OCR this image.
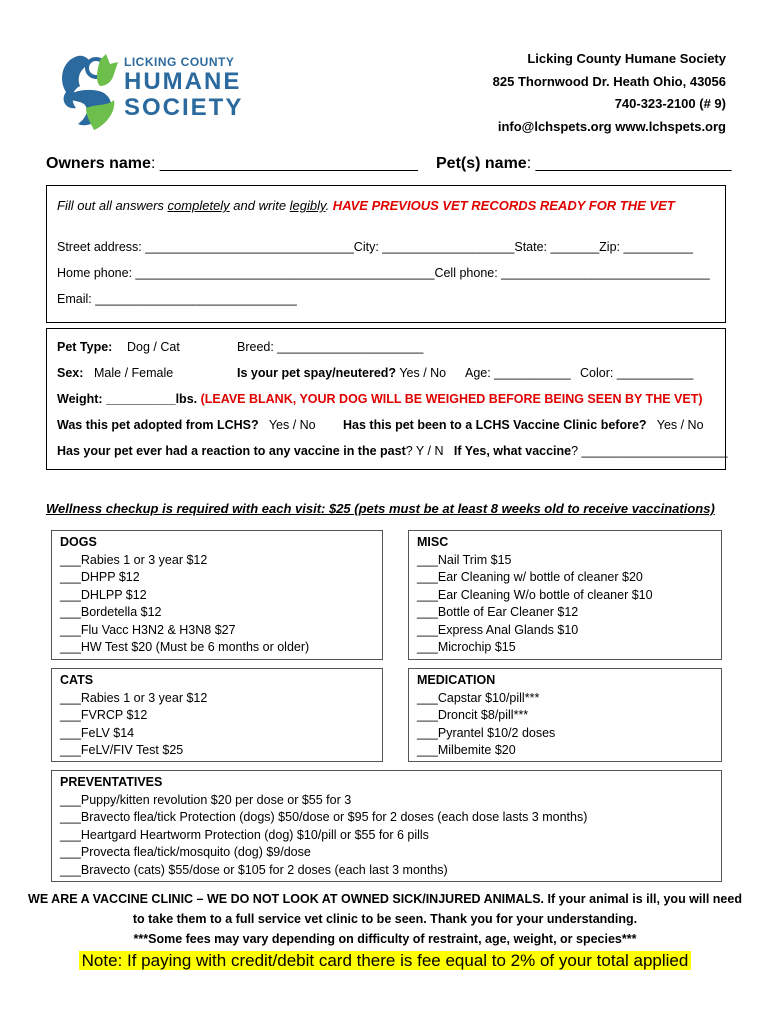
LICKING COUNTY
HUMANE
SOCIETY
Licking County Humane Society
825 Thornwood Dr. Heath Ohio, 43056
740-323-2100 (# 9)
info@lchspets.org www.lchspets.org
Owners name: _____________________________ Pet(s) name: ______________________
Fill out all answers completely and write legibly. HAVE PREVIOUS VET RECORDS READY FOR THE VET
Street address: ______________________________City: ___________________State: _______Zip: __________
Home phone: ___________________________________________Cell phone: ______________________________
Email: _____________________________
Pet Type: Dog / Cat	Breed: _____________________
Sex: Male / Female	Is your pet spay/neutered? Yes / No Age: ___________ Color: ___________
Weight: __________lbs. (LEAVE BLANK, YOUR DOG WILL BE WEIGHED BEFORE BEING SEEN BY THE VET)
Was this pet adopted from LCHS? Yes / No Has this pet been to a LCHS Vaccine Clinic before? Yes / No
Has your pet ever had a reaction to any vaccine in the past? Y / N If Yes, what vaccine? _____________________
Wellness checkup is required with each visit: $25 (pets must be at least 8 weeks old to receive vaccinations)
DOGS
___Rabies 1 or 3 year $12
___DHPP $12
___DHLPP $12
___Bordetella $12
___Flu Vacc H3N2 & H3N8 $27
___HW Test $20 (Must be 6 months or older)
MISC
___Nail Trim $15
___Ear Cleaning w/ bottle of cleaner $20
___Ear Cleaning W/o bottle of cleaner $10
___Bottle of Ear Cleaner $12
___Express Anal Glands $10
___Microchip $15
CATS
___Rabies 1 or 3 year $12
___FVRCP $12
___FeLV $14
___FeLV/FIV Test $25
MEDICATION
___Capstar $10/pill***
___Droncit $8/pill***
___Pyrantel $10/2 doses
___Milbemite $20
PREVENTATIVES
___Puppy/kitten revolution $20 per dose or $55 for 3
___Bravecto flea/tick Protection (dogs) $50/dose or $95 for 2 doses (each dose lasts 3 months)
___Heartgard Heartworm Protection (dog) $10/pill or $55 for 6 pills
___Provecta flea/tick/mosquito (dog) $9/dose
___Bravecto (cats) $55/dose or $105 for 2 doses (each last 3 months)
WE ARE A VACCINE CLINIC – WE DO NOT LOOK AT OWNED SICK/INJURED ANIMALS. If your animal is ill, you will need
to take them to a full service vet clinic to be seen. Thank you for your understanding.
***Some fees may vary depending on difficulty of restraint, age, weight, or species***
Note: If paying with credit/debit card there is fee equal to 2% of your total applied
